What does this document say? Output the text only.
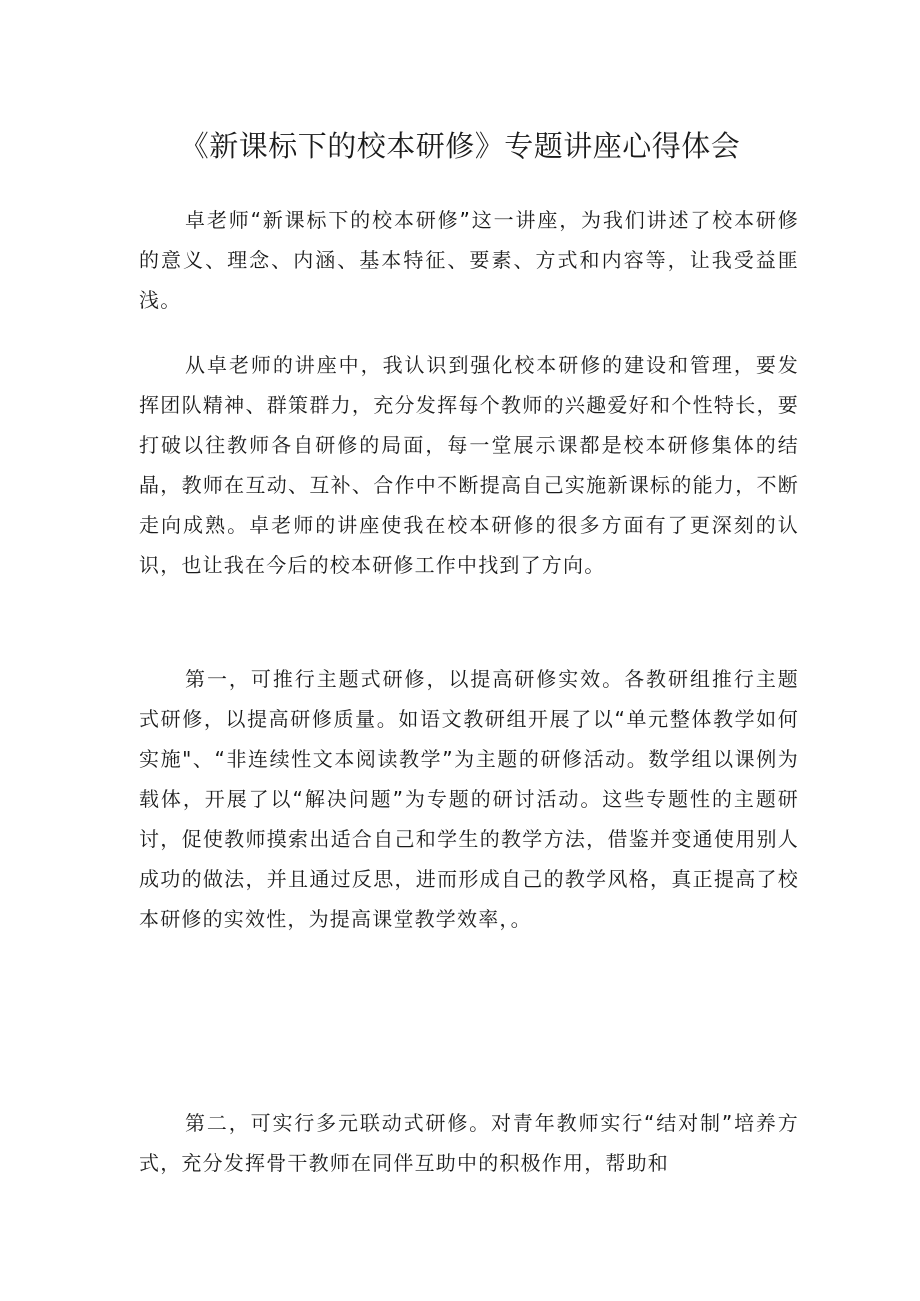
《新课标下的校本研修》专题讲座心得体会

卓老师“新课标下的校本研修”这一讲座，为我们讲述了校本研修的意义、理念、内涵、基本特征、要素、方式和内容等，让我受益匪浅。

从卓老师的讲座中，我认识到强化校本研修的建设和管理，要发挥团队精神、群策群力，充分发挥每个教师的兴趣爱好和个性特长，要打破以往教师各自研修的局面，每一堂展示课都是校本研修集体的结晶，教师在互动、互补、合作中不断提高自己实施新课标的能力，不断走向成熟。卓老师的讲座使我在校本研修的很多方面有了更深刻的认识，也让我在今后的校本研修工作中找到了方向。

第一，可推行主题式研修，以提高研修实效。各教研组推行主题式研修，以提高研修质量。如语文教研组开展了以“单元整体教学如何实施"、“非连续性文本阅读教学”为主题的研修活动。数学组以课例为载体，开展了以“解决问题”为专题的研讨活动。这些专题性的主题研讨，促使教师摸索出适合自己和学生的教学方法，借鉴并变通使用别人成功的做法，并且通过反思，进而形成自己的教学风格，真正提高了校本研修的实效性，为提高课堂教学效率，。

第二，可实行多元联动式研修。对青年教师实行“结对制”培养方式，充分发挥骨干教师在同伴互助中的积极作用，帮助和
